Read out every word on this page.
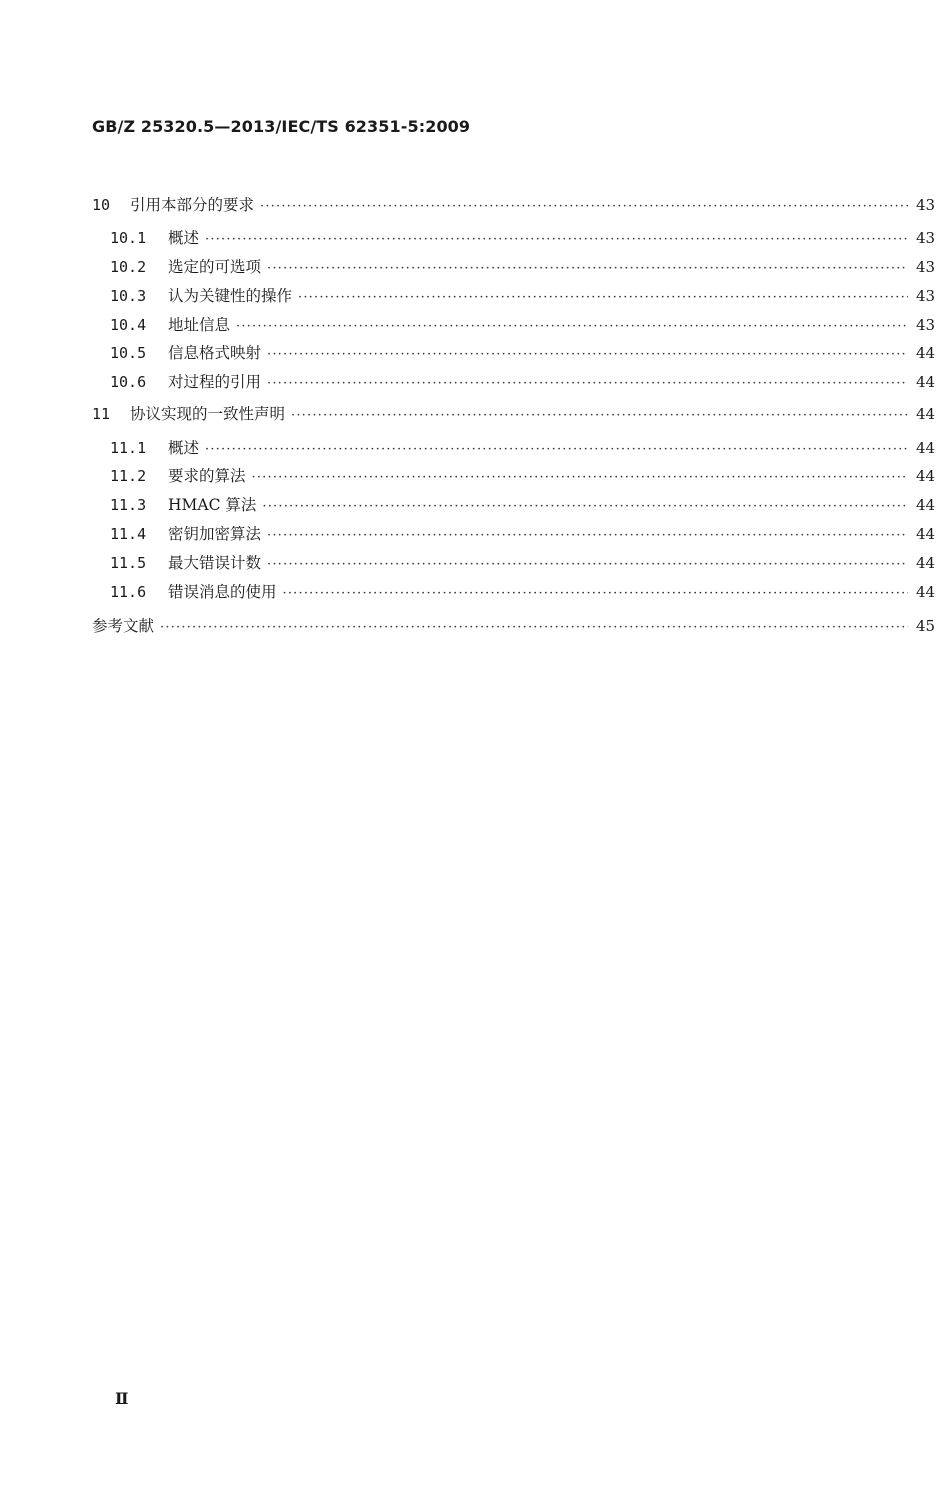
GB/Z 25320.5—2013/IEC/TS 62351-5:2009
10	引用本部分的要求 ·····	43
10.1	概述 ·····	43
10.2	选定的可选项 ·····	43
10.3	认为关键性的操作 ·····	43
10.4	地址信息 ·····	43
10.5	信息格式映射 ·····	44
10.6	对过程的引用 ·····	44
11	协议实现的一致性声明 ·····	44
11.1	概述 ·····	44
11.2	要求的算法 ·····	44
11.3	HMAC 算法 ·····	44
11.4	密钥加密算法 ·····	44
11.5	最大错误计数 ·····	44
11.6	错误消息的使用 ·····	44
参考文献 ·····	45
Ⅱ
